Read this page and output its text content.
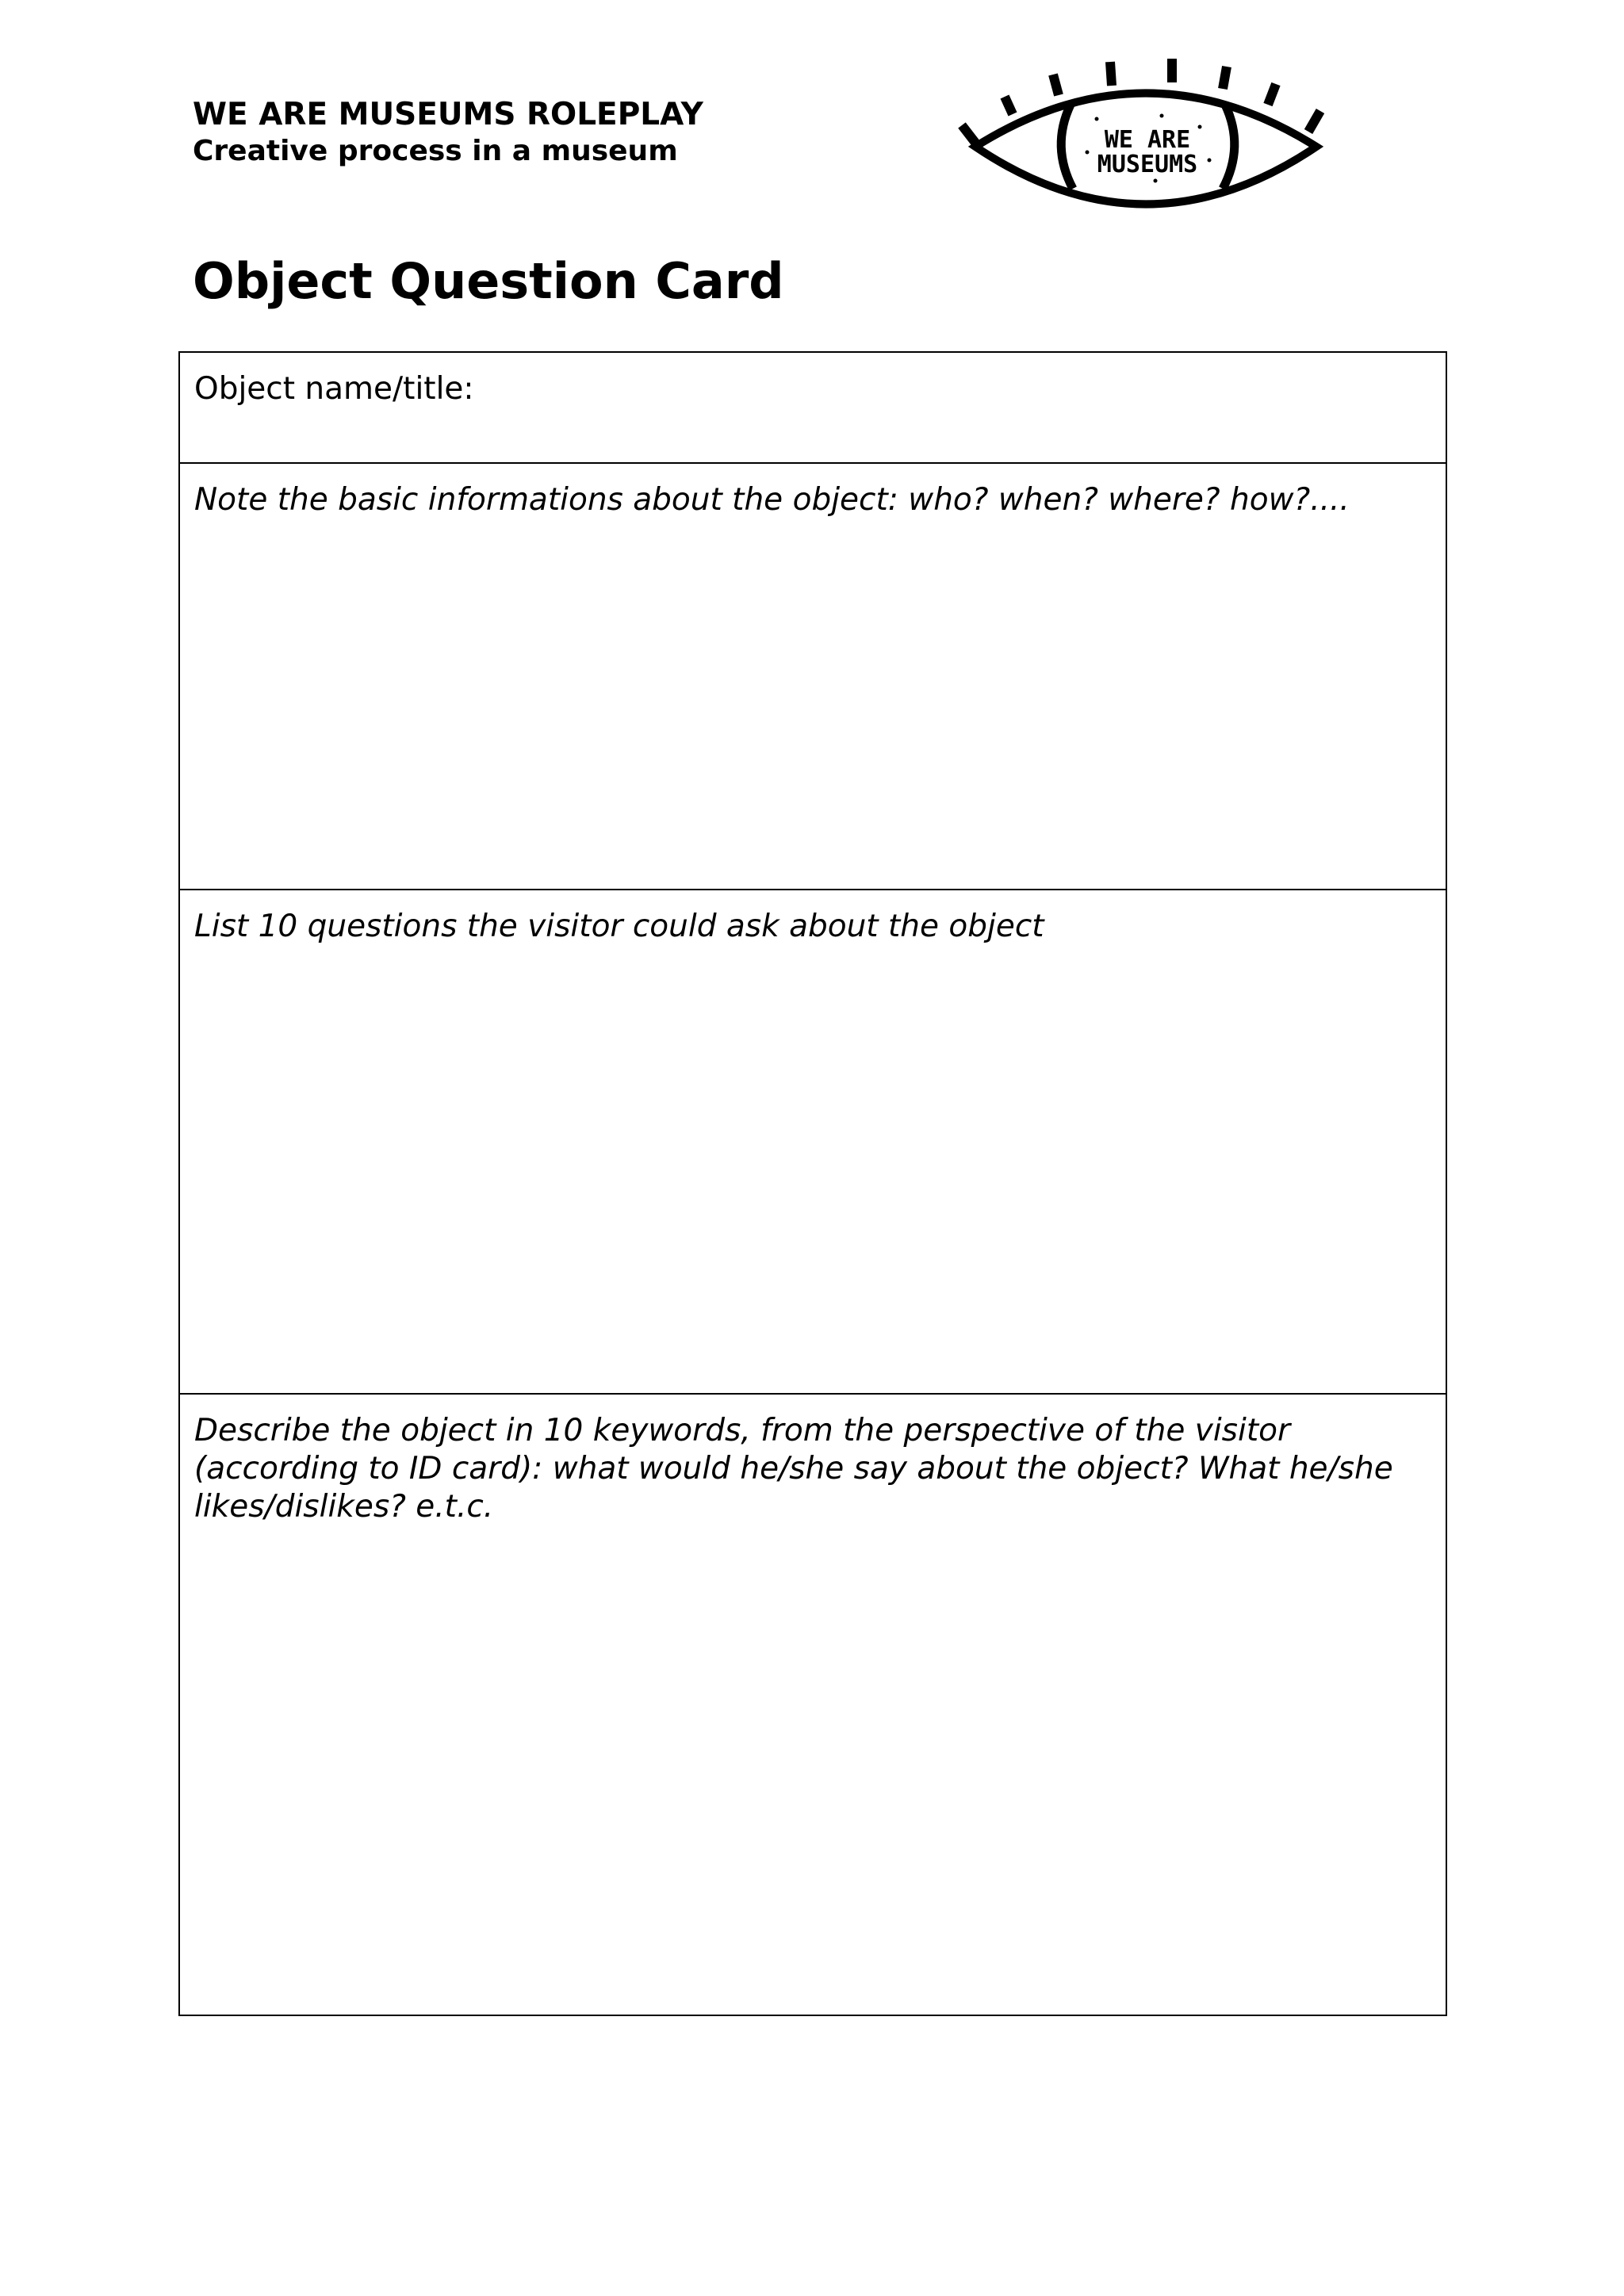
WE ARE MUSEUMS ROLEPLAY
Creative process in a museum	WE ARE
MUSEUMS
Object Question Card
Object name/title:
Note the basic informations about the object: who? when? where? how?....
List 10 questions the visitor could ask about the object
Describe the object in 10 keywords, from the perspective of the visitor (according to ID card): what would he/she say about the object? What he/she likes/dislikes? e.t.c.
